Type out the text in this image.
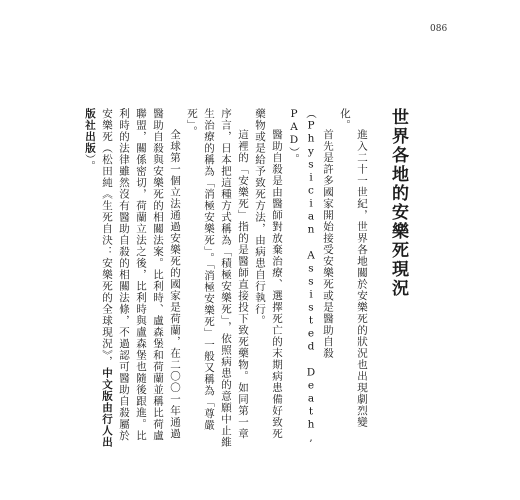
086
世界各地的安樂死現況

進入二十一世紀，世界各地關於安樂死的狀況也出現劇烈變化。

首先是許多國家開始接受安樂死或是醫助自殺（Physician Assisted Death, PAD）。

醫助自殺是由醫師對放棄治療、選擇死亡的末期病患備好致死藥物或是給予致死方法，由病患自行執行。

這裡的「安樂死」指的是醫師直接投下致死藥物。如同第一章序言，日本把這種方式稱為「積極安樂死」，依照病患的意願中止維生治療的稱為「消極安樂死」。「消極安樂死」一般又稱為「尊嚴死」。

全球第一個立法通過安樂死的國家是荷蘭，在二〇〇一年通過醫助自殺與安樂死的相關法案。比利時、盧森堡和荷蘭並稱比荷盧聯盟，關係密切，荷蘭立法之後，比利時與盧森堡也隨後跟進。比利時的法律雖然沒有醫助自殺的相關法條，不過認可醫助自殺屬於安樂死（松田純《生死自決：安樂死的全球現況》，中文版由行人出版社出版）。
